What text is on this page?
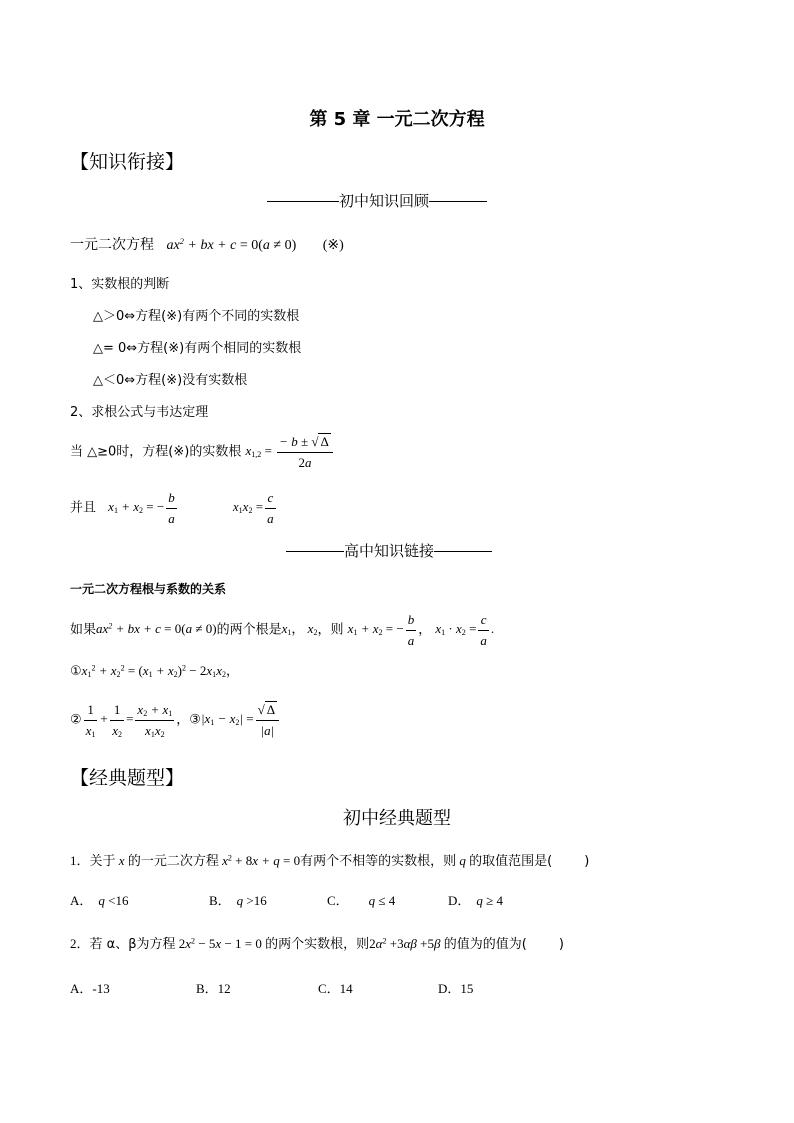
第 5 章 一元二次方程
【知识衔接】
初中知识回顾
一元二次方程 $ax^2$ + bx + c = 0(a ≠ 0) (※)
1、实数根的判断
△＞0⇔方程(※)有两个不同的实数根
△= 0⇔方程(※)有两个相同的实数根
△＜0⇔方程(※)没有实数根
2、求根公式与韦达定理
当 △≥0时，方程(※)的实数根 $x_{1,2} = \frac{- b \pm √ \Delta}{2a}$
并且 $x_1 + x_2$ = − $\frac{b}{a}$	$x_1x_2 = \frac{c}{a}$
高中知识链接
一元二次方程根与系数的关系
如果$ax^2$ + bx + c = 0(a ≠ 0)的两个根是$x_1$， $x_2$，则 $x_1 + x_2$ = − $\frac{b}{a}$ ， $x_1 \cdot x_2 = \frac{c}{a}$ .
$①x_1^2 + x_2^2 = (x_1 + x_2)^2 - 2x_1x_2$，
② $\frac{1}{x_1} + \frac{1}{x_2} = \frac{x_2 + x_1}{x_1x_2}$ ，$③|x_1 - x_2| = \frac{√ \Delta}{|a|}$
【经典题型】
初中经典题型
1．关于 x 的一元二次方程 $x^2 + 8x + q = 0$有两个不相等的实数根，则 q 的取值范围是( )
A． q <16	B． q >16	C． q ≤ 4	D． q ≥ 4
2．若 α、β为方程 $2x^2 - 5x - 1 = 0$ 的两个实数根，则$2\alpha^2 +3\alpha\beta +5\beta$ 的值为的值为( )
A．-13	B．12	C．14	D．15
